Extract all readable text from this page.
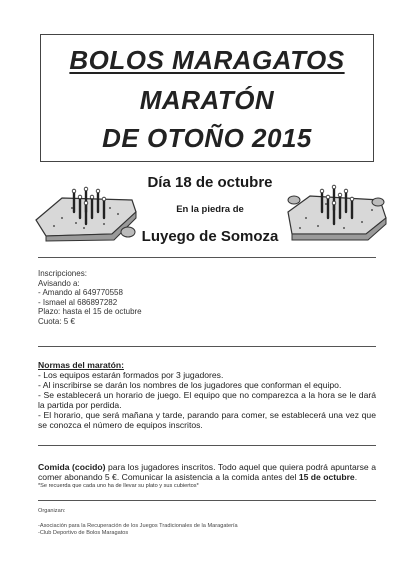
BOLOS MARAGATOS
MARATÓN
DE OTOÑO 2015
Día 18 de octubre
En la piedra de
Luyego de Somoza
Inscripciones:
Avisando a:
- Amando al 649770558
- Ismael al 686897282
Plazo: hasta el 15 de octubre
Cuota: 5 €
Normas del maratón:
- Los equipos estarán formados por 3 jugadores.
- Al inscribirse se darán los nombres de los jugadores que conforman el equipo.
- Se establecerá un horario de juego. El equipo que no comparezca a la hora se le dará la partida por perdida.
- El horario, que será mañana y tarde, parando para comer, se establecerá una vez que se conozca el número de equipos inscritos.
Comida (cocido) para los jugadores inscritos. Todo aquel que quiera podrá apuntarse a comer abonando 5 €. Comunicar la asistencia a la comida antes del 15 de octubre.
*Se recuerda que cada uno ha de llevar su plato y sus cubiertos*
Organizan:
-Asociación para la Recuperación de los Juegos Tradicionales de la Maragatería
-Club Deportivo de Bolos Maragatos
